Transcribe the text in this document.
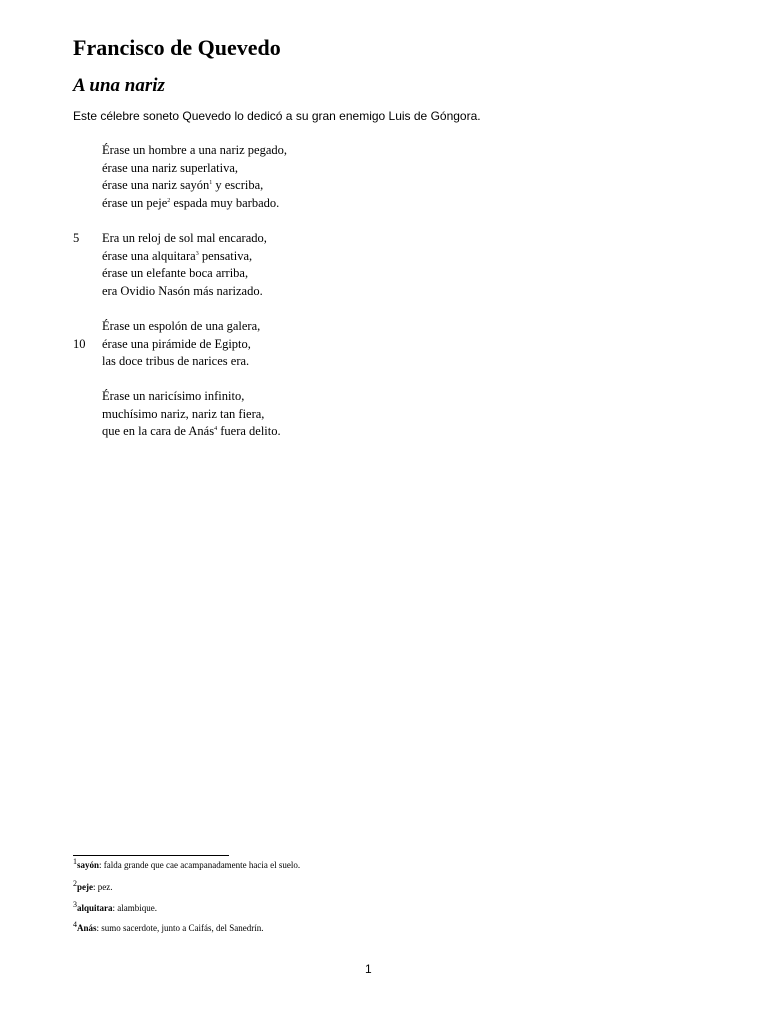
Francisco de Quevedo
A una nariz
Este célebre soneto Quevedo lo dedicó a su gran enemigo Luis de Góngora.
Érase un hombre a una nariz pegado,
érase una nariz superlativa,
érase una nariz sayón$^1$ y escriba,
érase un peje$^2$ espada muy barbado.
5 Era un reloj de sol mal encarado,
érase una alquitara$^3$ pensativa,
érase un elefante boca arriba,
era Ovidio Nasón más narizado.
Érase un espolón de una galera,
10 érase una pirámide de Egipto,
las doce tribus de narices era.
Érase un naricísimo infinito,
muchísimo nariz, nariz tan fiera,
que en la cara de Anás$^4$ fuera delito.
1sayón: falda grande que cae acampanadamente hacia el suelo.
2peje: pez.
3alquitara: alambique.
4Anás: sumo sacerdote, junto a Caifás, del Sanedrín.
1
